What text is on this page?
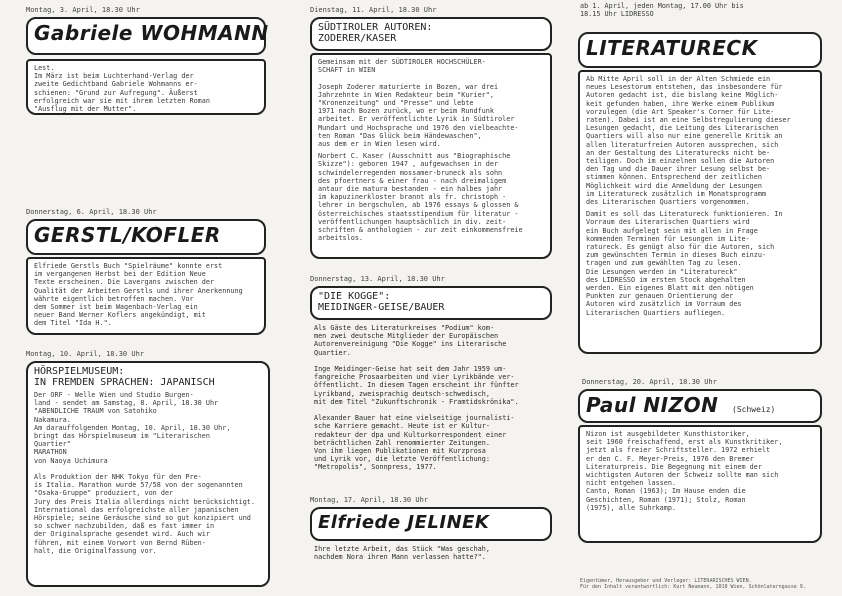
Montag, 3. April, 18.30 Uhr
Gabriele WOHMANN

Lest.
Im März ist beim Luchterhand-Verlag der
zweite Gedichtband Gabriele Wohmanns er-
schienen: "Grund zur Aufregung". Äußerst
erfolgreich war sie mit ihrem letzten Roman
"Ausflug mit der Mutter".

Donnerstag, 6. April, 18.30 Uhr
GERSTL/KOFLER

Elfriede Gerstls Buch "Spielräume" konnte erst
im vergangenen Herbst bei der Edition Neue
Texte erscheinen. Die Lavergans zwischen der
Qualität der Arbeiten Gerstls und ihrer Anerkennung
währte eigentlich betroffen machen. Vor
dem Sommer ist beim Wagenbach-Verlag ein
neuer Band Werner Koflers angekündigt, mit
dem Titel "Ida H.".

Montag, 10. April, 18.30 Uhr
HÖRSPIELMUSEUM:
IN FREMDEN SPRACHEN: JAPANISCH

Der ORF - Welle Wien und Studio Burgen-
land - sendet am Samstag, 8. April, 18.30 Uhr
"ABENDLICHE TRAUM von Satohiko
Nakamura.
Am darauffolgenden Montag, 10. April, 18.30 Uhr,
bringt das Hörspielmuseum im "Literarischen
Quartier"
MARATHON
von Naoya Uchimura

Als Produktion der NHK Tokyo für den Pre-
is Italia. Marathon wurde 57/58 von der sogenannten
"Osaka-Gruppe" produziert, von der
Jury des Preis Italia allerdings nicht berücksichtigt.
International das erfolgreichste aller japanischen
Hörspiele; seine Geräusche sind so gut konzipiert und
so schwer nachzubilden, daß es fast immer in
der Originalsprache gesendet wird. Auch wir
führen, mit einem Vorwort von Bernd Rüben-
halt, die Originalfassung vor.

Dienstag, 11. April, 18.30 Uhr
SÜDTIROLER AUTOREN:
ZODERER/KASER

Gemeinsam mit der SÜDTIROLER HOCHSCHÜLER-
SCHAFT in WIEN

Joseph Zoderer maturierte in Bozen, war drei
Jahrzehnte in Wien Redakteur beim "Kurier",
"Kronenzeitung" und "Presse" und lebte
1971 nach Bozen zurück, wo er beim Rundfunk
arbeitet. Er veröffentlichte Lyrik in Südtiroler
Mundart und Hochsprache und 1976 den vielbeachte-
ten Roman "Das Glück beim Händewaschen",
aus dem er in Wien lesen wird.

Norbert C. Kaser (Ausschnitt aus "Biographische
Skizze"): geboren 1947 , aufgewachsen in der
schwindelerregenden mossamer-bruneck als sohn
des pfoertners & einer frau - nach dreimaligem
antaur die matura bestanden - ein halbes jahr
im kapuzinerkloster brannt als fr. christoph -
lehrer in bergschulen, ab 1976 essays & glossen &
österreichisches staatsstipendium für literatur -
veröffentlichungen hauptsächlich in div. zeit-
schriften & anthologien - zur zeit einkommensfreie
arbeitslos.

Donnerstag, 13. April, 18.30 Uhr
"DIE KOGGE":
MEIDINGER-GEISE/BAUER

Als Gäste des Literaturkreises "Podium" kom-
men zwei deutsche Mitglieder der Europäischen
Autorenvereinigung "Die Kogge" ins Literarische
Quartier.

Inge Meidinger-Geise hat seit dem Jahr 1959 um-
fangreiche Prosaarbeiten und vier Lyrikbände ver-
öffentlicht. In diesem Tagen erscheint ihr fünfter
Lyrikband, zweisprachig deutsch-schwedisch,
mit dem Titel "Zukunftschronik - Framtidskrönika".

Alexander Bauer hat eine vielseitige journalisti-
sche Karriere gemacht. Heute ist er Kultur-
redakteur der dpa und Kulturkorrespondent einer
beträchtlichen Zahl renommierter Zeitungen.
Von ihm liegen Publikationen mit Kurzprosa
und Lyrik vor, die letzte Veröffentlichung:
"Metropolis", Sonnpress, 1977.

Montag, 17. April, 18.30 Uhr
Elfriede JELINEK

Ihre letzte Arbeit, das Stück "Was geschah,
nachdem Nora ihren Mann verlassen hatte?".

ab 1. April, jeden Montag, 17.00 Uhr bis
18.15 Uhr LIDRESSO

LITERATURECK

Ab Mitte April soll in der Alten Schmiede ein
neues Lesestorum entstehen, das insbesondere für
Autoren gedacht ist, die bislang keine Möglich-
keit gefunden haben, ihre Werke einem Publikum
vorzulegen (die Art Speaker's Corner für Lite-
raten). Dabei ist an eine Selbstregulierung dieser
Lesungen gedacht, die Leitung des Literarischen
Quartiers will also nur eine generelle Kritik an
allen literaturfreien Autoren aussprechen, sich
an der Gestaltung des Literaturecks nicht be-
teiligen. Doch im einzelnen sollen die Autoren
den Tag und die Dauer ihrer Lesung selbst be-
stimmen können. Entsprechend der zeitlichen
Möglichkeit wird die Anmeldung der Lesungen
im Literatureck zusätzlich im Monatsprogramm
des Literarischen Quartiers vorgenommen.

Damit es soll das Literatureck funktionieren. In
Vorraum des Literarischen Quartiers wird
ein Buch aufgelegt sein mit allen in Frage
kommenden Terminen für Lesungen im Lite-
ratureck. Es genügt also für die Autoren, sich
zum gewünschten Termin in dieses Buch einzu-
tragen und zum gewählten Tag zu lesen.
Die Lesungen werden im "Literatureck"
des LIDRESSO im ersten Stock abgehalten
werden. Ein eigenes Blatt mit den nötigen
Punkten zur genauen Orientierung der
Autoren wird zusätzlich im Vorraum des
Literarischen Quartiers aufliegen.

Donnerstag, 20. April, 18.30 Uhr
Paul NIZON (Schweiz)

Nizon ist ausgebildeter Kunsthistoriker,
seit 1960 freischaffend, erst als Kunstkritiker,
jetzt als freier Schriftsteller. 1972 erhielt
er den C. F. Meyer-Preis, 1976 den Bremer
Literaturpreis. Die Begegnung mit einem der
wichtigsten Autoren der Schweiz sollte man sich
nicht entgehen lassen.
Canto, Roman (1963); Im Hause enden die
Geschichten, Roman (1971); Stolz, Roman
(1975), alle Suhrkamp.

Eigentümer, Herausgeber und Verleger: LITERARISCHES WIEN.
Für den Inhalt verantwortlich: Kurt Neumann, 1010 Wien, Schönlaterngasse 9.
